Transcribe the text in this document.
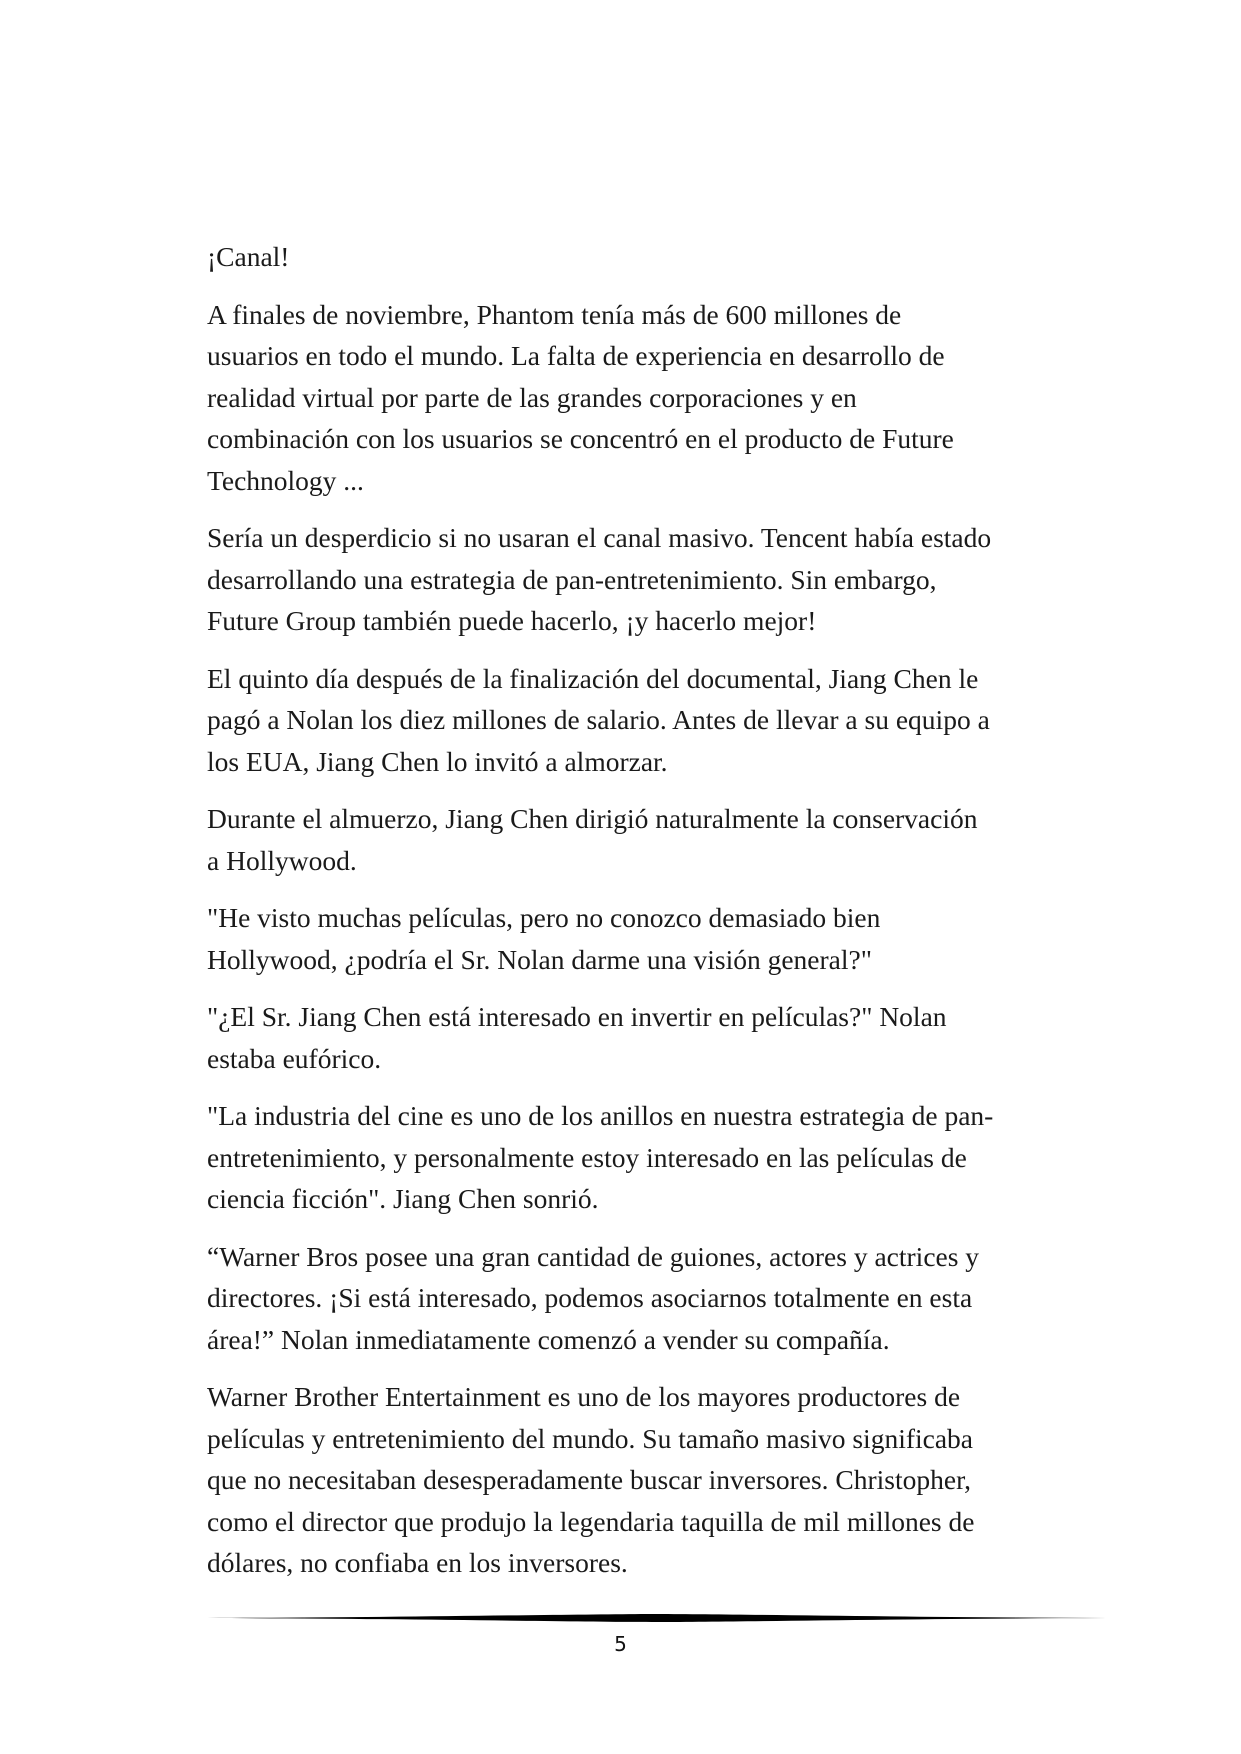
¡Canal!

A finales de noviembre, Phantom tenía más de 600 millones de
usuarios en todo el mundo. La falta de experiencia en desarrollo de
realidad virtual por parte de las grandes corporaciones y en
combinación con los usuarios se concentró en el producto de Future
Technology ...

Sería un desperdicio si no usaran el canal masivo. Tencent había estado
desarrollando una estrategia de pan-entretenimiento. Sin embargo,
Future Group también puede hacerlo, ¡y hacerlo mejor!

El quinto día después de la finalización del documental, Jiang Chen le
pagó a Nolan los diez millones de salario. Antes de llevar a su equipo a
los EUA, Jiang Chen lo invitó a almorzar.

Durante el almuerzo, Jiang Chen dirigió naturalmente la conservación
a Hollywood.

"He visto muchas películas, pero no conozco demasiado bien
Hollywood, ¿podría el Sr. Nolan darme una visión general?"

"¿El Sr. Jiang Chen está interesado en invertir en películas?" Nolan
estaba eufórico.

"La industria del cine es uno de los anillos en nuestra estrategia de pan-
entretenimiento, y personalmente estoy interesado en las películas de
ciencia ficción". Jiang Chen sonrió.

“Warner Bros posee una gran cantidad de guiones, actores y actrices y
directores. ¡Si está interesado, podemos asociarnos totalmente en esta
área!” Nolan inmediatamente comenzó a vender su compañía.

Warner Brother Entertainment es uno de los mayores productores de
películas y entretenimiento del mundo. Su tamaño masivo significaba
que no necesitaban desesperadamente buscar inversores. Christopher,
como el director que produjo la legendaria taquilla de mil millones de
dólares, no confiaba en los inversores.

5
